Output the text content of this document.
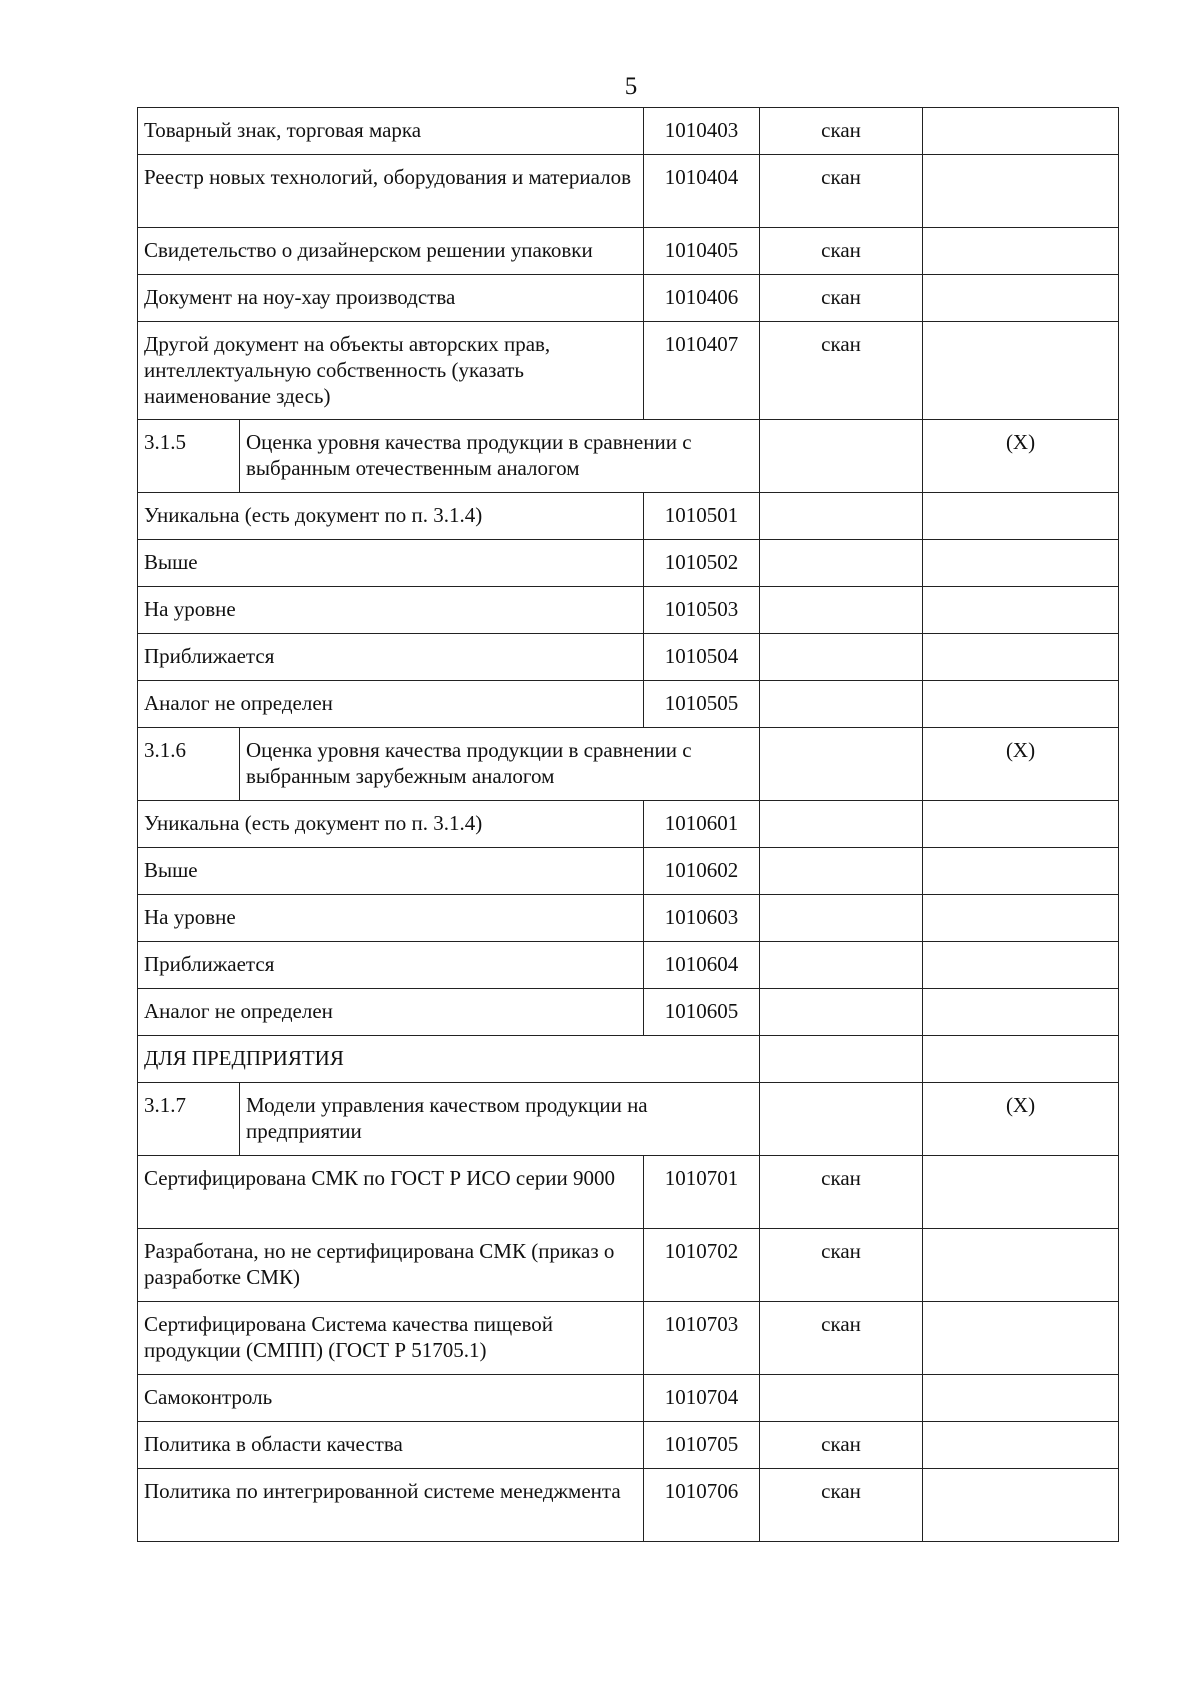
5
Товарный знак, торговая марка		1010403	скан	
Реестр новых технологий, оборудования и материалов		1010404	скан	
Свидетельство о дизайнерском решении упаковки		1010405	скан	
Документ на ноу-хау производства		1010406	скан	
Другой документ на объекты авторских прав, интеллектуальную собственность (указать наименование здесь)		1010407	скан	
3.1.5	Оценка уровня качества продукции в сравнении с выбранным отечественным аналогом			(X)
Уникальна (есть документ по п. 3.1.4)		1010501		
Выше		1010502		
На уровне		1010503		
Приближается		1010504		
Аналог не определен		1010505		
3.1.6	Оценка уровня качества продукции в сравнении с выбранным зарубежным аналогом			(X)
Уникальна (есть документ по п. 3.1.4)		1010601		
Выше		1010602		
На уровне		1010603		
Приближается		1010604		
Аналог не определен		1010605		
ДЛЯ ПРЕДПРИЯТИЯ				
3.1.7	Модели управления качеством продукции на предприятии			(X)
Сертифицирована СМК по ГОСТ Р ИСО серии 9000		1010701	скан	
Разработана, но не сертифицирована СМК (приказ о разработке СМК)		1010702	скан	
Сертифицирована Система качества пищевой продукции (СМПП) (ГОСТ Р 51705.1)		1010703	скан	
Самоконтроль		1010704		
Политика в области качества		1010705	скан	
Политика по интегрированной системе менеджмента		1010706	скан	
